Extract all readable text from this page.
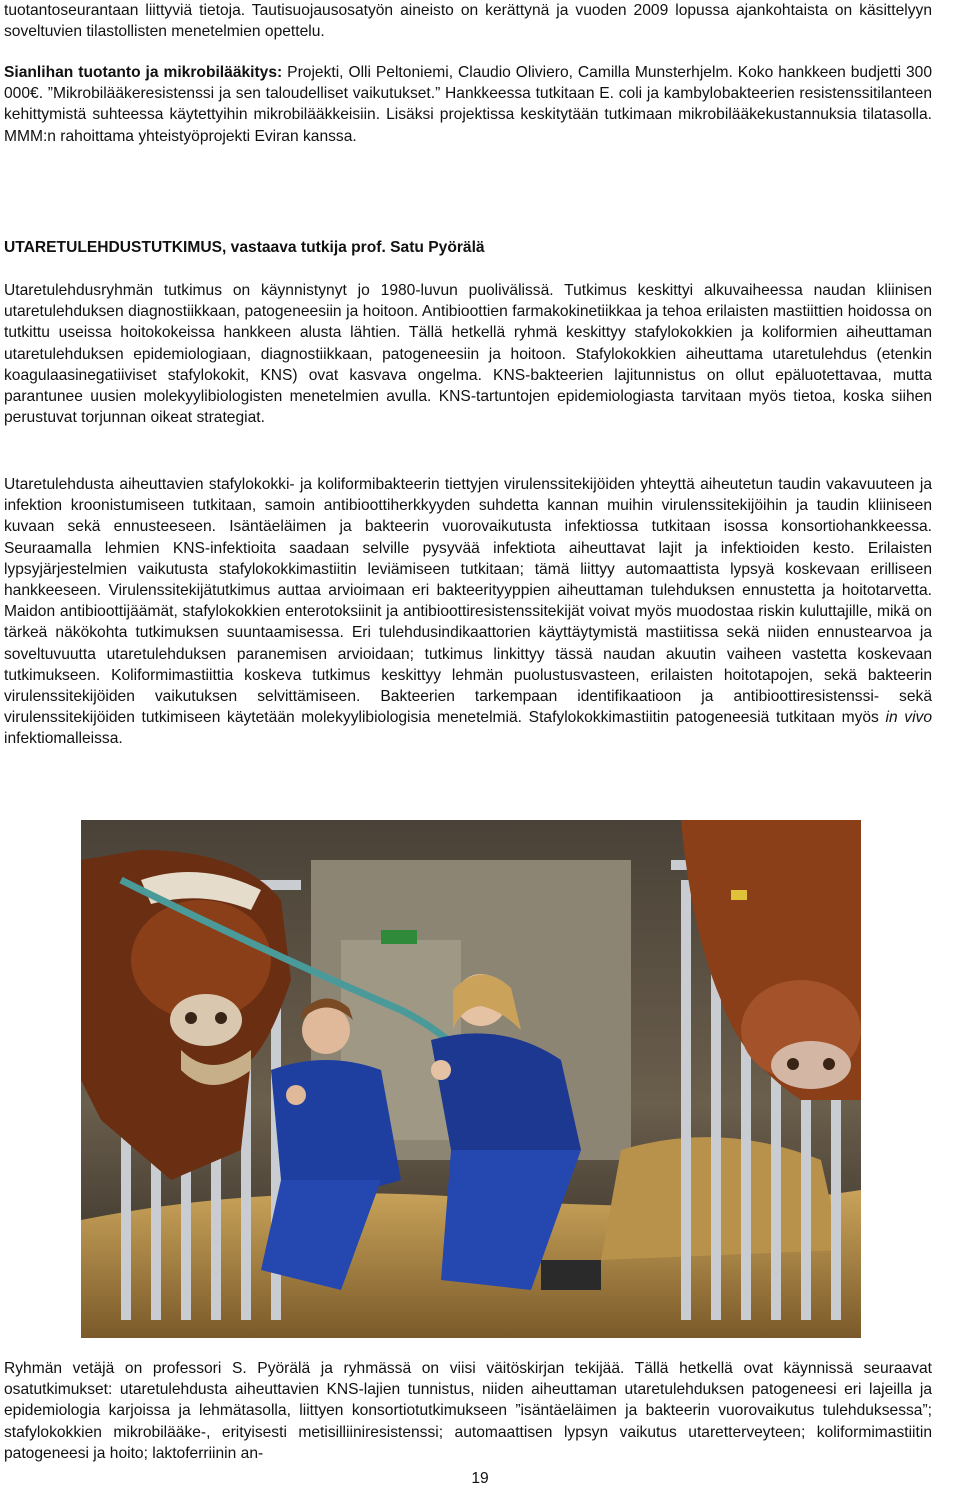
tuotantoseurantaan liittyviä tietoja. Tautisuojausosatyön aineisto on kerättynä ja vuoden 2009 lopussa ajankohtaista on käsittelyyn soveltuvien tilastollisten menetelmien opettelu.

Sianlihan tuotanto ja mikrobilääkitys: Projekti, Olli Peltoniemi, Claudio Oliviero, Camilla Munsterhjelm. Koko hankkeen budjetti 300 000€. ”Mikrobilääkeresistenssi ja sen taloudelliset vaikutukset.” Hankkeessa tutkitaan E. coli ja kambylobakteerien resistenssitilanteen kehittymistä suhteessa käytettyihin mikrobilääkkeisiin. Lisäksi projektissa keskitytään tutkimaan mikrobilääkekustannuksia tilatasolla. MMM:n rahoittama yhteistyöprojekti Eviran kanssa.

UTARETULEHDUSTUTKIMUS, vastaava tutkija prof. Satu Pyörälä

Utaretulehdusryhmän tutkimus on käynnistynyt jo 1980-luvun puolivälissä. Tutkimus keskittyi alkuvaiheessa naudan kliinisen utaretulehduksen diagnostiikkaan, patogeneesiin ja hoitoon. Antibioottien farmakokinetiikkaa ja tehoa erilaisten mastiittien hoidossa on tutkittu useissa hoitokokeissa hankkeen alusta lähtien. Tällä hetkellä ryhmä keskittyy stafylokokkien ja koliformien aiheuttaman utaretulehduksen epidemiologiaan, diagnostiikkaan, patogeneesiin ja hoitoon. Stafylokokkien aiheuttama utaretulehdus (etenkin koagulaasinegatiiviset stafylokokit, KNS) ovat kasvava ongelma. KNS-bakteerien lajitunnistus on ollut epäluotettavaa, mutta parantunee uusien molekyylibiologisten menetelmien avulla. KNS-tartuntojen epidemiologiasta tarvitaan myös tietoa, koska siihen perustuvat torjunnan oikeat strategiat.

Utaretulehdusta aiheuttavien stafylokokki- ja koliformibakteerin tiettyjen virulenssitekijöiden yhteyttä aiheutetun taudin vakavuuteen ja infektion kroonistumiseen tutkitaan, samoin antibioottiherkkyyden suhdetta kannan muihin virulenssitekijöihin ja taudin kliiniseen kuvaan sekä ennusteeseen. Isäntäeläimen ja bakteerin vuorovaikutusta infektiossa tutkitaan isossa konsortiohankkeessa. Seuraamalla lehmien KNS-infektioita saadaan selville pysyvää infektiota aiheuttavat lajit ja infektioiden kesto. Erilaisten lypsyjärjestelmien vaikutusta stafylokokkimastiitin leviämiseen tutkitaan; tämä liittyy automaattista lypsyä koskevaan erilliseen hankkeeseen. Virulenssitekijätutkimus auttaa arvioimaan eri bakteerityyppien aiheuttaman tulehduksen ennustetta ja hoitotarvetta. Maidon antibioottijäämät, stafylokokkien enterotoksiinit ja antibioottiresistenssitekijät voivat myös muodostaa riskin kuluttajille, mikä on tärkeä näkökohta tutkimuksen suuntaamisessa. Eri tulehdusindikaattorien käyttäytymistä mastiitissa sekä niiden ennustearvoa ja soveltuvuutta utaretulehduksen paranemisen arvioidaan; tutkimus linkittyy tässä naudan akuutin vaiheen vastetta koskevaan tutkimukseen. Koliformimastiittia koskeva tutkimus keskittyy lehmän puolustusvasteen, erilaisten hoitotapojen, sekä bakteerin virulenssitekijöiden vaikutuksen selvittämiseen. Bakteerien tarkempaan identifikaatioon ja antibioottiresistenssi- sekä virulenssitekijöiden tutkimiseen käytetään molekyylibiologisia menetelmiä. Stafylokokkimastiitin patogeneesiä tutkitaan myös in vivo infektiomalleissa.

Ryhmän vetäjä on professori S. Pyörälä ja ryhmässä on viisi väitöskirjan tekijää. Tällä hetkellä ovat käynnissä seuraavat osatutkimukset: utaretulehdusta aiheuttavien KNS-lajien tunnistus, niiden aiheuttaman utaretulehduksen patogeneesi eri lajeilla ja epidemiologia karjoissa ja lehmätasolla, liittyen konsortiotutkimukseen ”isäntäeläimen ja bakteerin vuorovaikutus tulehduksessa”; stafylokokkien mikrobilääke-, erityisesti metisilliiniresistenssi; automaattisen lypsyn vaikutus utaretterveyteen; koliformimastiitin patogeneesi ja hoito; laktoferriinin an-

19
